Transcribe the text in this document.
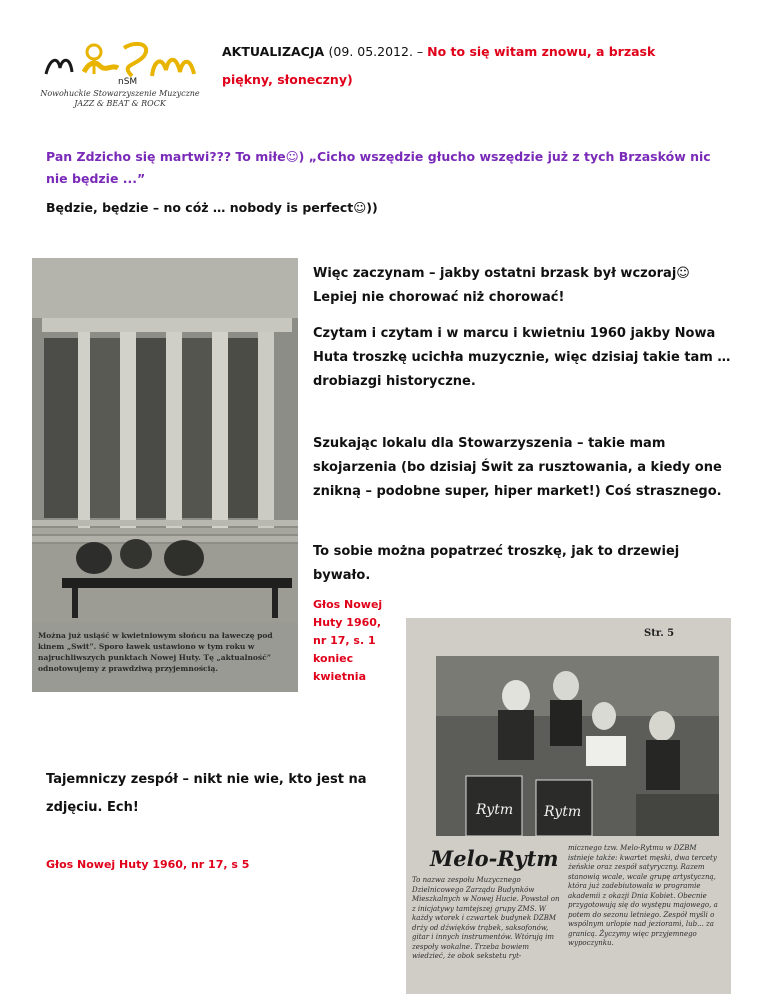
nSM
Nowohuckie Stowarzyszenie Muzyczne
JAZZ & BEAT & ROCK
AKTUALIZACJA (09. 05.2012. – No to się witam znowu, a brzask piękny, słoneczny)
Pan Zdzicho się martwi??? To miłe☺) „Cicho wszędzie głucho wszędzie już z tych Brzasków nic nie będzie ...”
Będzie, będzie – no cóż … nobody is perfect☺))
Można już usiąść w kwietniowym słońcu na ławeczę pod kinem „Swit”. Sporo ławek ustawiono w tym roku w najruchliwszych punktach Nowej Huty. Tę „aktualność” odnotowujemy z prawdziwą przyjemnością.
Więc zaczynam – jakby ostatni brzask był wczoraj☺ Lepiej nie chorować niż chorować!
Czytam i czytam i w marcu i kwietniu 1960 jakby Nowa Huta troszkę ucichła muzycznie, więc dzisiaj takie tam … drobiazgi historyczne.
Szukając lokalu dla Stowarzyszenia – takie mam skojarzenia (bo dzisiaj Świt za rusztowania, a kiedy one znikną – podobne super, hiper market!) Coś strasznego.
To sobie można popatrzeć troszkę, jak to drzewiej bywało.
Głos Nowej Huty 1960, nr 17, s. 1 koniec kwietnia
Str. 5
Rytm Rytm
Melo-Rytm
To nazwa zespołu Muzycznego Dzielnicowego Zarządu Budynków Mieszkalnych w Nowej Hucie. Powstał on z inicjatywy tamtejszej grupy ZMS. W każdy wtorek i czwartek budynek DZBM drży od dźwięków trąbek, saksofonów, gitar i innych instrumentów. Wtórują im zespoły wokalne. Trzeba bowiem wiedzieć, że obok sekstetu ryt-
micznego tzw. Melo-Rytmu w DZBM istnieje także: kwartet męski, dwa tercety żeńskie oraz zespół satyryczny. Razem stanowią wcale, wcale grupę artystyczną, która już zadebiutowała w programie akademii z okazji Dnia Kobiet. Obecnie przygotowują się do występu majowego, a potem do sezonu letniego. Zespół myśli o wspólnym urlopie nad jeziorami, lub... za granicą. Życzymy więc przyjemnego wypoczynku.
Tajemniczy zespół – nikt nie wie, kto jest na zdjęciu. Ech!
Głos Nowej Huty 1960, nr 17, s 5
